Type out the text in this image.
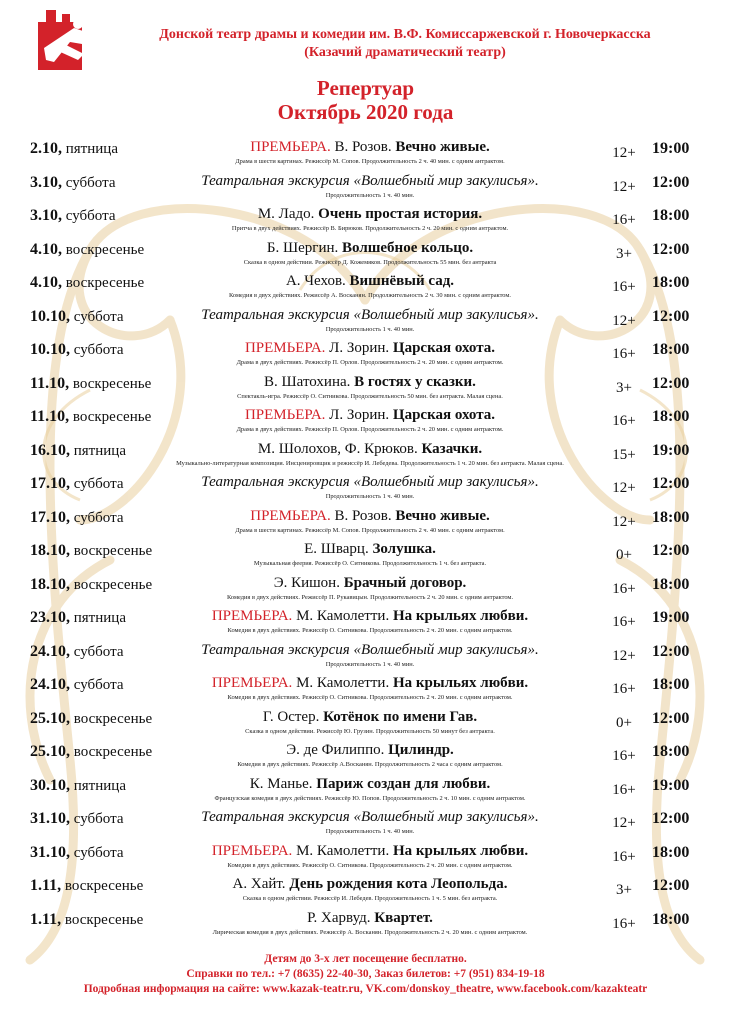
Донской театр драмы и комедии им. В.Ф. Комиссаржевской г. Новочеркасска
(Казачий драматический театр)
Репертуар
Октябрь 2020 года
2.10, пятница	ПРЕМЬЕРА. В. Розов. Вечно живые.
Драма в шести картинах. Режиссёр М. Сопов. Продолжительность 2 ч. 40 мин. с одним антрактом.
12+	19:00
3.10, суббота	Театральная экскурсия «Волшебный мир закулисья».
Продолжительность 1 ч. 40 мин.
12+	12:00
3.10, суббота	М. Ладо. Очень простая история.
Притча в двух действиях. Режиссёр В. Бирюков. Продолжительность 2 ч. 20 мин. с одним антрактом.
16+	18:00
4.10, воскресенье	Б. Шергин. Волшебное кольцо.
Сказка в одном действии. Режиссёр Д. Кожемяков. Продолжительность 55 мин. без антракта
3+	12:00
4.10, воскресенье	А. Чехов. Вишнёвый сад.
Комедия в двух действиях. Режиссёр А. Восканян. Продолжительность 2 ч. 30 мин. с одним антрактом.
16+	18:00
10.10, суббота	Театральная экскурсия «Волшебный мир закулисья».
Продолжительность 1 ч. 40 мин.
12+	12:00
10.10, суббота	ПРЕМЬЕРА. Л. Зорин. Царская охота.
Драма в двух действиях. Режиссёр П. Орлов. Продолжительность 2 ч. 20 мин. с одним антрактом.
16+	18:00
11.10, воскресенье	В. Шатохина. В гостях у сказки.
Спектакль-игра. Режиссёр О. Ситникова. Продолжительность 50 мин. без антракта. Малая сцена.
3+	12:00
11.10, воскресенье	ПРЕМЬЕРА. Л. Зорин. Царская охота.
Драма в двух действиях. Режиссёр П. Орлов. Продолжительность 2 ч. 20 мин. с одним антрактом.
16+	18:00
16.10, пятница	М. Шолохов, Ф. Крюков. Казачки.
Музыкально-литературная композиция. Инсценировщик и режиссёр И. Лебедева. Продолжительность 1 ч. 20 мин. без антракта. Малая сцена.
15+	19:00
17.10, суббота	Театральная экскурсия «Волшебный мир закулисья».
Продолжительность 1 ч. 40 мин.
12+	12:00
17.10, суббота	ПРЕМЬЕРА. В. Розов. Вечно живые.
Драма в шести картинах. Режиссёр М. Сопов. Продолжительность 2 ч. 40 мин. с одним антрактом.
12+	18:00
18.10, воскресенье	Е. Шварц. Золушка.
Музыкальная феерия. Режиссёр О. Ситникова. Продолжительность 1 ч. без антракта.
0+	12:00
18.10, воскресенье	Э. Кишон. Брачный договор.
Комедия в двух действиях. Режиссёр П. Рукавицын. Продолжительность 2 ч. 20 мин. с одним антрактом.
16+	18:00
23.10, пятница	ПРЕМЬЕРА. М. Камолетти. На крыльях любви.
Комедия в двух действиях. Режиссёр О. Ситникова. Продолжительность 2 ч. 20 мин. с одним антрактом.
16+	19:00
24.10, суббота	Театральная экскурсия «Волшебный мир закулисья».
Продолжительность 1 ч. 40 мин.
12+	12:00
24.10, суббота	ПРЕМЬЕРА. М. Камолетти. На крыльях любви.
Комедия в двух действиях. Режиссёр О. Ситникова. Продолжительность 2 ч. 20 мин. с одним антрактом.
16+	18:00
25.10, воскресенье	Г. Остер. Котёнок по имени Гав.
Сказка в одном действии. Режиссёр Ю. Грузин. Продолжительность 50 минут без антракта.
0+	12:00
25.10, воскресенье	Э. де Филиппо. Цилиндр.
Комедия в двух действиях. Режиссёр А.Восканян. Продолжительность 2 часа с одним антрактом.
16+	18:00
30.10, пятница	К. Манье. Париж создан для любви.
Французская комедия в двух действиях. Режиссёр Ю. Попов. Продолжительность 2 ч. 10 мин. с одним антрактом.
16+	19:00
31.10, суббота	Театральная экскурсия «Волшебный мир закулисья».
Продолжительность 1 ч. 40 мин.
12+	12:00
31.10, суббота	ПРЕМЬЕРА. М. Камолетти. На крыльях любви.
Комедия в двух действиях. Режиссёр О. Ситникова. Продолжительность 2 ч. 20 мин. с одним антрактом.
16+	18:00
1.11, воскресенье	А. Хайт. День рождения кота Леопольда.
Сказка в одном действии. Режиссёр И. Лебедев. Продолжительность 1 ч. 5 мин. без антракта.
3+	12:00
1.11, воскресенье	Р. Харвуд. Квартет.
Лирическая комедия в двух действиях. Режиссёр А. Восканян. Продолжительность 2 ч. 20 мин. с одним антрактом.
16+	18:00
Детям до 3-х лет посещение бесплатно.
Справки по тел.: +7 (8635) 22-40-30, Заказ билетов: +7 (951) 834-19-18
Подробная информация на сайте: www.kazak-teatr.ru, VK.com/donskoy_theatre, www.facebook.com/kazakteatr
